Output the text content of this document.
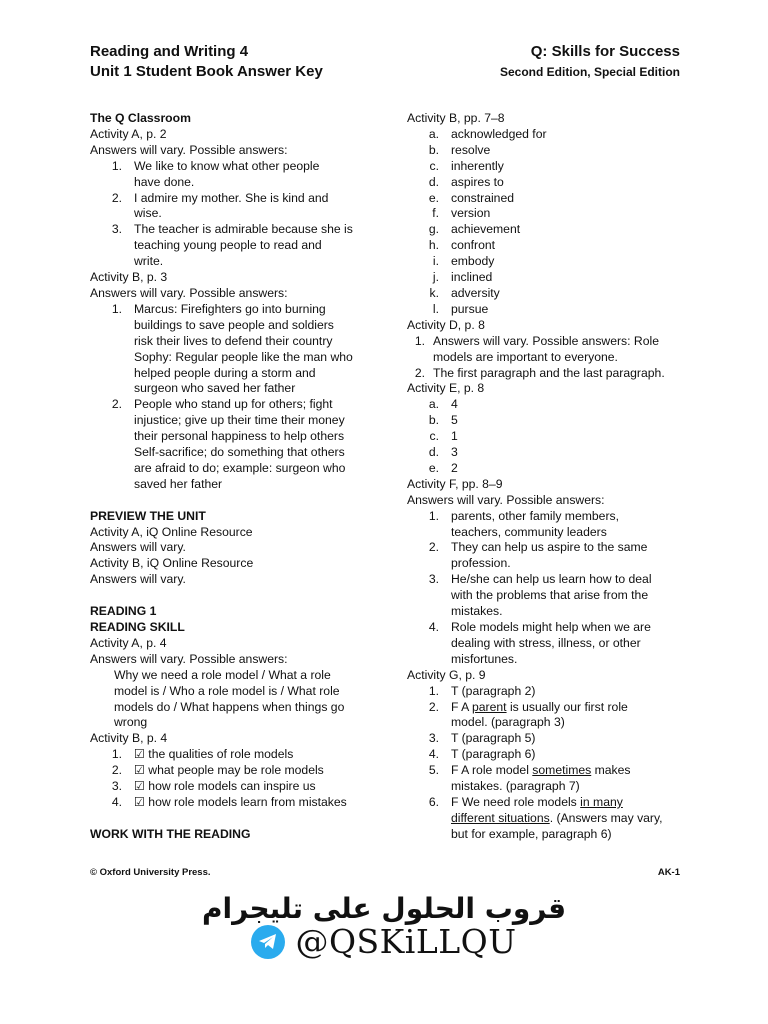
Reading and Writing 4
Unit 1 Student Book Answer Key
Q: Skills for Success
Second Edition, Special Edition
The Q Classroom
Activity A, p. 2
Answers will vary. Possible answers:
1. We like to know what other people
have done.
2. I admire my mother. She is kind and
wise.
3. The teacher is admirable because she is
teaching young people to read and
write.
Activity B, p. 3
Answers will vary. Possible answers:
1. Marcus: Firefighters go into burning
buildings to save people and soldiers
risk their lives to defend their country
Sophy: Regular people like the man who
helped people during a storm and
surgeon who saved her father
2. People who stand up for others; fight
injustice; give up their time their money
their personal happiness to help others
Self-sacrifice; do something that others
are afraid to do; example: surgeon who
saved her father
PREVIEW THE UNIT
Activity A, iQ Online Resource
Answers will vary.
Activity B, iQ Online Resource
Answers will vary.
READING 1
READING SKILL
Activity A, p. 4
Answers will vary. Possible answers:
Why we need a role model / What a role
model is / Who a role model is / What role
models do / What happens when things go
wrong
Activity B, p. 4
1. ☑ the qualities of role models
2. ☑ what people may be role models
3. ☑ how role models can inspire us
4. ☑ how role models learn from mistakes
WORK WITH THE READING
Activity B, pp. 7–8
a. acknowledged for
b. resolve
c. inherently
d. aspires to
e. constrained
f. version
g. achievement
h. confront
i. embody
j. inclined
k. adversity
l. pursue
Activity D, p. 8
1. Answers will vary. Possible answers: Role
models are important to everyone.
2. The first paragraph and the last paragraph.
Activity E, p. 8
a. 4
b. 5
c. 1
d. 3
e. 2
Activity F, pp. 8–9
Answers will vary. Possible answers:
1. parents, other family members,
teachers, community leaders
2. They can help us aspire to the same
profession.
3. He/she can help us learn how to deal
with the problems that arise from the
mistakes.
4. Role models might help when we are
dealing with stress, illness, or other
misfortunes.
Activity G, p. 9
1. T (paragraph 2)
2. F A parent is usually our first role
model. (paragraph 3)
3. T (paragraph 5)
4. T (paragraph 6)
5. F A role model sometimes makes
mistakes. (paragraph 7)
6. F We need role models in many
different situations. (Answers may vary,
but for example, paragraph 6)
© Oxford University Press.	AK-1
قروب الحلول على تليجرام
@QSKiLLQU
